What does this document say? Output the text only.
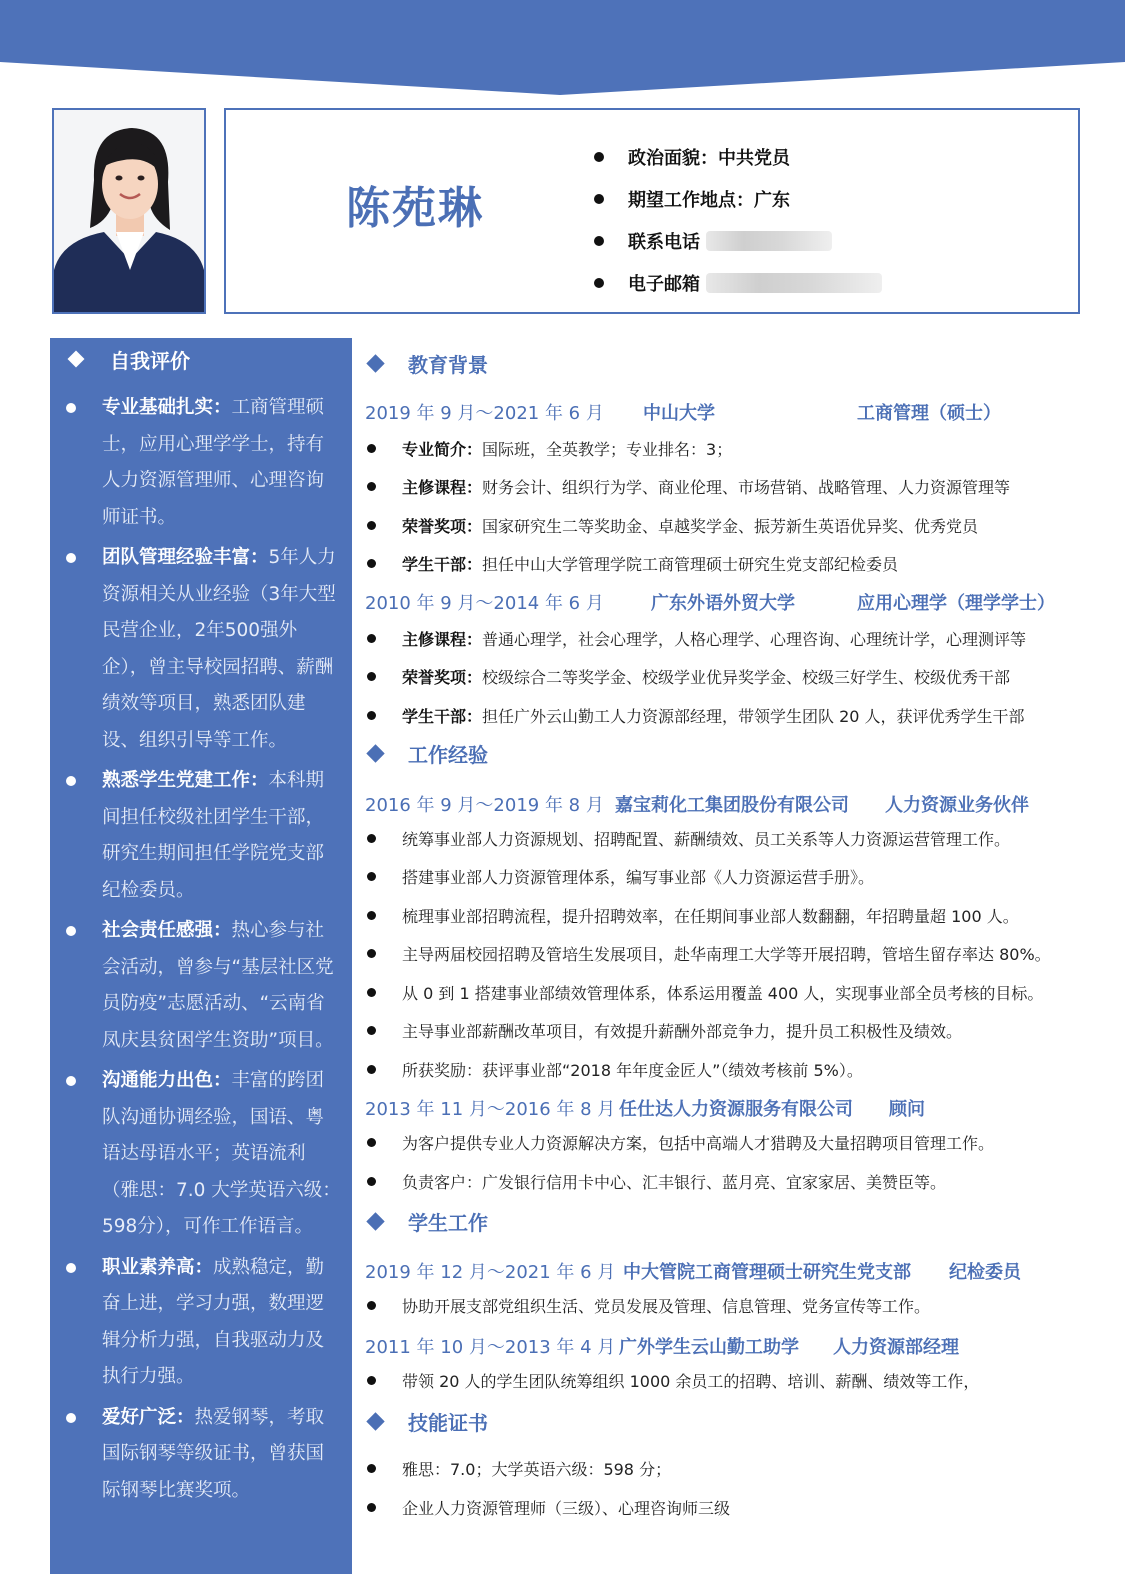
陈苑琳
政治面貌： 中共党员
期望工作地点： 广东
联系电话
电子邮箱
自我评价
专业基础扎实：工商管理硕士，应用心理学学士，持有人力资源管理师、心理咨询师证书。
团队管理经验丰富：5年人力资源相关从业经验（3年大型民营企业，2年500强外企），曾主导校园招聘、薪酬绩效等项目，熟悉团队建设、组织引导等工作。
熟悉学生党建工作：本科期间担任校级社团学生干部，研究生期间担任学院党支部纪检委员。
社会责任感强：热心参与社会活动，曾参与“基层社区党员防疫”志愿活动、“云南省凤庆县贫困学生资助”项目。
沟通能力出色：丰富的跨团队沟通协调经验，国语、粤语达母语水平；英语流利（雅思：7.0 大学英语六级：598分），可作工作语言。
职业素养高：成熟稳定，勤奋上进，学习力强，数理逻辑分析力强，自我驱动力及执行力强。
爱好广泛：热爱钢琴，考取国际钢琴等级证书，曾获国际钢琴比赛奖项。
教育背景
2019 年 9 月～2021 年 6 月 中山大学	工商管理（硕士）
专业简介： 国际班，全英教学；专业排名：3；
主修课程： 财务会计、组织行为学、商业伦理、市场营销、战略管理、人力资源管理等
荣誉奖项： 国家研究生二等奖助金、卓越奖学金、振芳新生英语优异奖、优秀党员
学生干部： 担任中山大学管理学院工商管理硕士研究生党支部纪检委员
2010 年 9 月～2014 年 6 月	广东外语外贸大学	应用心理学（理学学士）
主修课程： 普通心理学，社会心理学，人格心理学、心理咨询、心理统计学，心理测评等
荣誉奖项： 校级综合二等奖学金、校级学业优异奖学金、校级三好学生、校级优秀干部
学生干部： 担任广外云山勤工人力资源部经理，带领学生团队 20 人，获评优秀学生干部
工作经验
2016 年 9 月～2019 年 8 月 嘉宝莉化工集团股份有限公司 人力资源业务伙伴
统筹事业部人力资源规划、招聘配置、薪酬绩效、员工关系等人力资源运营管理工作。
搭建事业部人力资源管理体系，编写事业部《人力资源运营手册》。
梳理事业部招聘流程，提升招聘效率，在任期间事业部人数翻翻，年招聘量超 100 人。
主导两届校园招聘及管培生发展项目，赴华南理工大学等开展招聘，管培生留存率达 80%。
从 0 到 1 搭建事业部绩效管理体系，体系运用覆盖 400 人，实现事业部全员考核的目标。
主导事业部薪酬改革项目，有效提升薪酬外部竞争力，提升员工积极性及绩效。
所获奖励：获评事业部“2018 年年度金匠人”（绩效考核前 5%）。
2013 年 11 月～2016 年 8 月 任仕达人力资源服务有限公司 顾问
为客户提供专业人力资源解决方案，包括中高端人才猎聘及大量招聘项目管理工作。
负责客户：广发银行信用卡中心、汇丰银行、蓝月亮、宜家家居、美赞臣等。
学生工作
2019 年 12 月～2021 年 6 月 中大管院工商管理硕士研究生党支部 纪检委员
协助开展支部党组织生活、党员发展及管理、信息管理、党务宣传等工作。
2011 年 10 月～2013 年 4 月 广外学生云山勤工助学 人力资源部经理
带领 20 人的学生团队统筹组织 1000 余员工的招聘、培训、薪酬、绩效等工作，
技能证书
雅思：7.0；大学英语六级：598 分；
企业人力资源管理师（三级）、心理咨询师三级
